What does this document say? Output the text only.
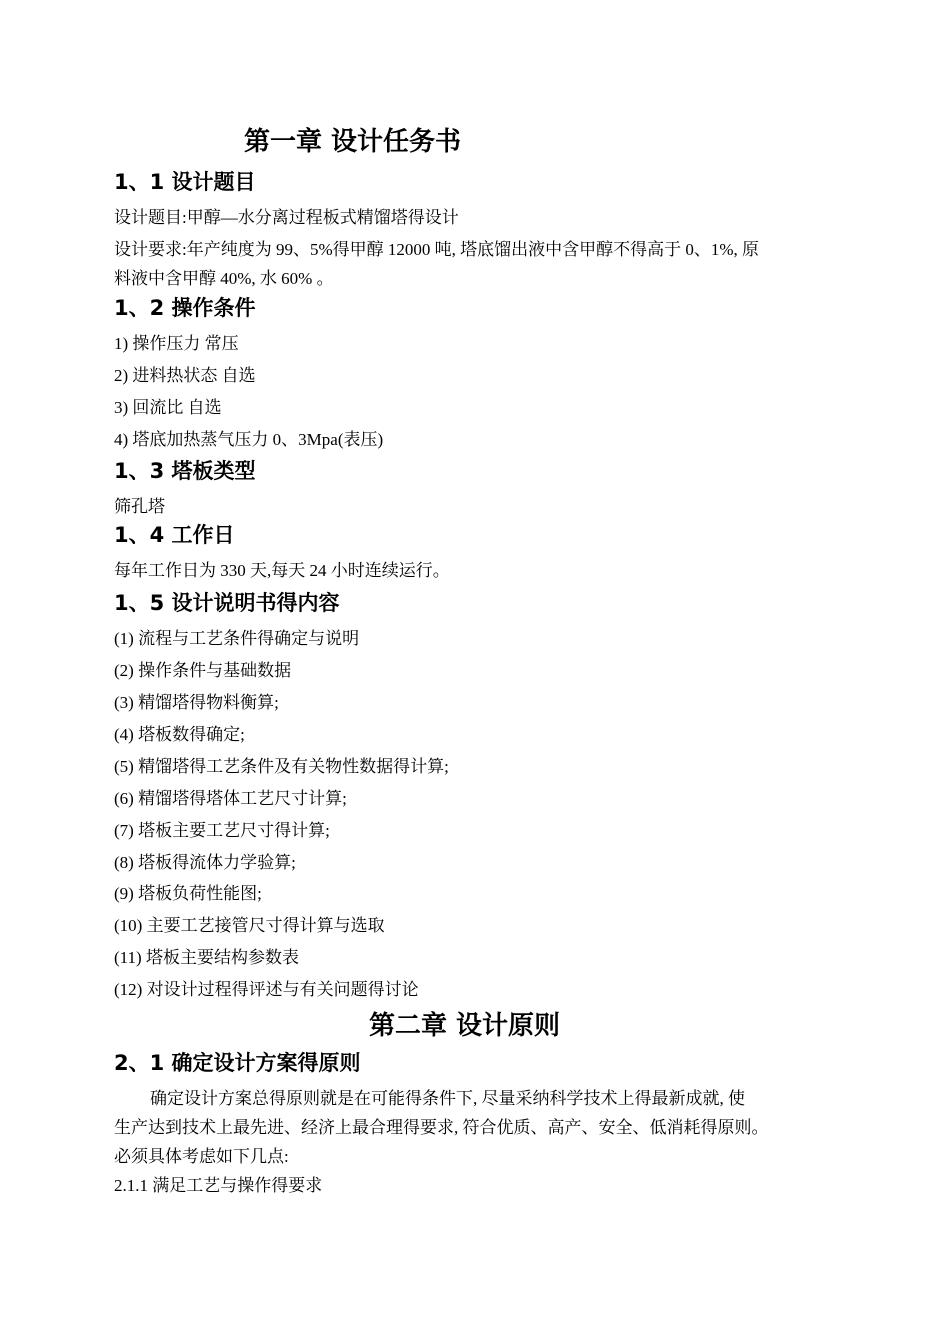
第一章 设计任务书
1、1 设计题目

设计题目:甲醇—水分离过程板式精馏塔得设计

设计要求:年产纯度为 99、5%得甲醇 12000 吨, 塔底馏出液中含甲醇不得高于 0、1%, 原

料液中含甲醇 40%, 水 60% 。

1、2 操作条件

1) 操作压力 常压

2) 进料热状态 自选

3) 回流比 自选

4) 塔底加热蒸气压力 0、3Mpa(表压)

1、3 塔板类型

筛孔塔

1、4 工作日

每年工作日为 330 天,每天 24 小时连续运行。

1、5 设计说明书得内容

(1) 流程与工艺条件得确定与说明

(2) 操作条件与基础数据

(3) 精馏塔得物料衡算;

(4) 塔板数得确定;

(5) 精馏塔得工艺条件及有关物性数据得计算;

(6) 精馏塔得塔体工艺尺寸计算;

(7) 塔板主要工艺尺寸得计算;

(8) 塔板得流体力学验算;

(9) 塔板负荷性能图;

(10) 主要工艺接管尺寸得计算与选取

(11) 塔板主要结构参数表

(12) 对设计过程得评述与有关问题得讨论

第二章 设计原则
2、1 确定设计方案得原则

确定设计方案总得原则就是在可能得条件下, 尽量采纳科学技术上得最新成就, 使

生产达到技术上最先进、经济上最合理得要求, 符合优质、高产、安全、低消耗得原则。

必须具体考虑如下几点:

2.1.1 满足工艺与操作得要求
